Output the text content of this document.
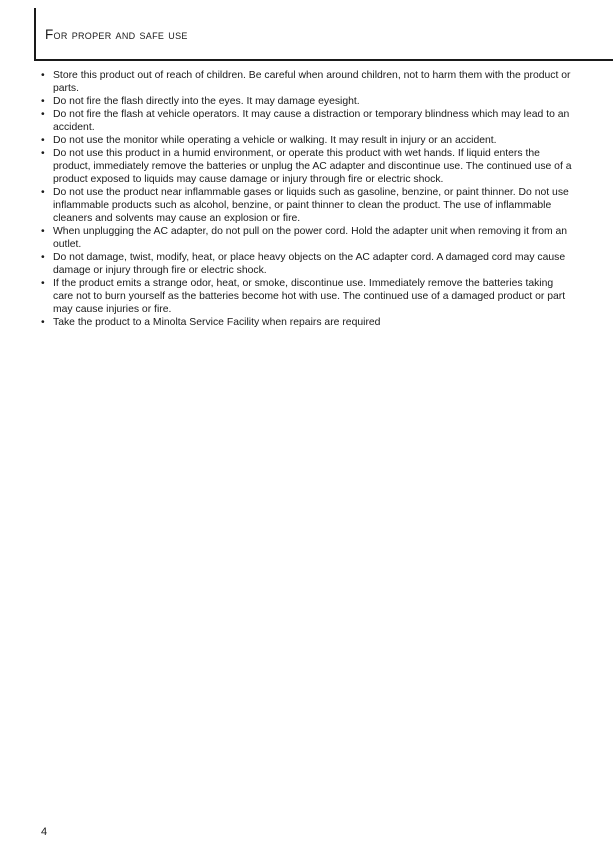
For proper and safe use
• Store this product out of reach of children. Be careful when around children, not to harm them with the product or parts.
• Do not fire the flash directly into the eyes. It may damage eyesight.
• Do not fire the flash at vehicle operators. It may cause a distraction or temporary blindness which may lead to an accident.
• Do not use the monitor while operating a vehicle or walking. It may result in injury or an accident.
• Do not use this product in a humid environment, or operate this product with wet hands. If liquid enters the product, immediately remove the batteries or unplug the AC adapter and discontinue use. The continued use of a product exposed to liquids may cause damage or injury through fire or electric shock.
• Do not use the product near inflammable gases or liquids such as gasoline, benzine, or paint thinner. Do not use inflammable products such as alcohol, benzine, or paint thinner to clean the product. The use of inflammable cleaners and solvents may cause an explosion or fire.
• When unplugging the AC adapter, do not pull on the power cord. Hold the adapter unit when removing it from an outlet.
• Do not damage, twist, modify, heat, or place heavy objects on the AC adapter cord. A damaged cord may cause damage or injury through fire or electric shock.
• If the product emits a strange odor, heat, or smoke, discontinue use. Immediately remove the batteries taking care not to burn yourself as the batteries become hot with use. The continued use of a damaged product or part may cause injuries or fire.
• Take the product to a Minolta Service Facility when repairs are required
4
